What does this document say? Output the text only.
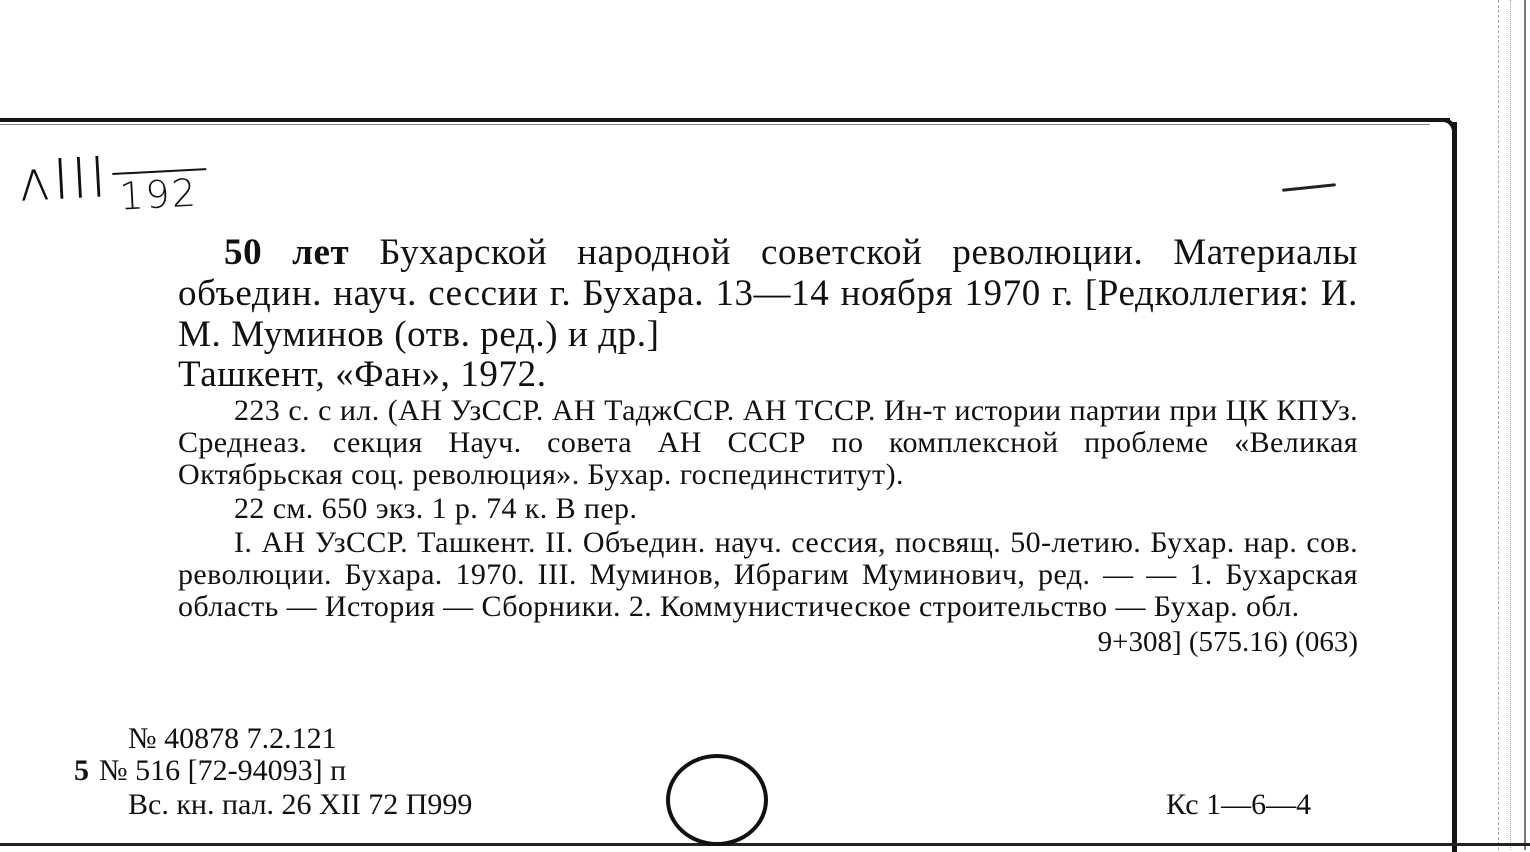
ʌIII 192

50 лет Бухарской народной советской революции. Материалы объедин. науч. сессии г. Бухара. 13—14 ноября 1970 г. [Редколлегия: И. М. Муминов (отв. ред.) и др.]

Ташкент, «Фан», 1972.

223 с. с ил. (АН УзССР. АН ТаджССР. АН ТССР. Ин-т истории партии при ЦК КПУз. Среднеаз. секция Науч. совета АН СССР по комплексной проблеме «Великая Октябрьская соц. революция». Бухар. госпединститут).

22 см. 650 экз. 1 р. 74 к. В пер.

I. АН УзССР. Ташкент. II. Объедин. науч. сессия, посвящ. 50-летию. Бухар. нар. сов. революции. Бухара. 1970. III. Муминов, Ибрагим Муминович, ред. — — 1. Бухарская область — История — Сборники. 2. Коммунистическое строительство — Бухар. обл.

9+308] (575.16) (063)

№ 40878 7.2.121
5 № 516 [72-94093] п
Вс. кн. пал. 26 XII 72 П999	Кс 1—6—4
